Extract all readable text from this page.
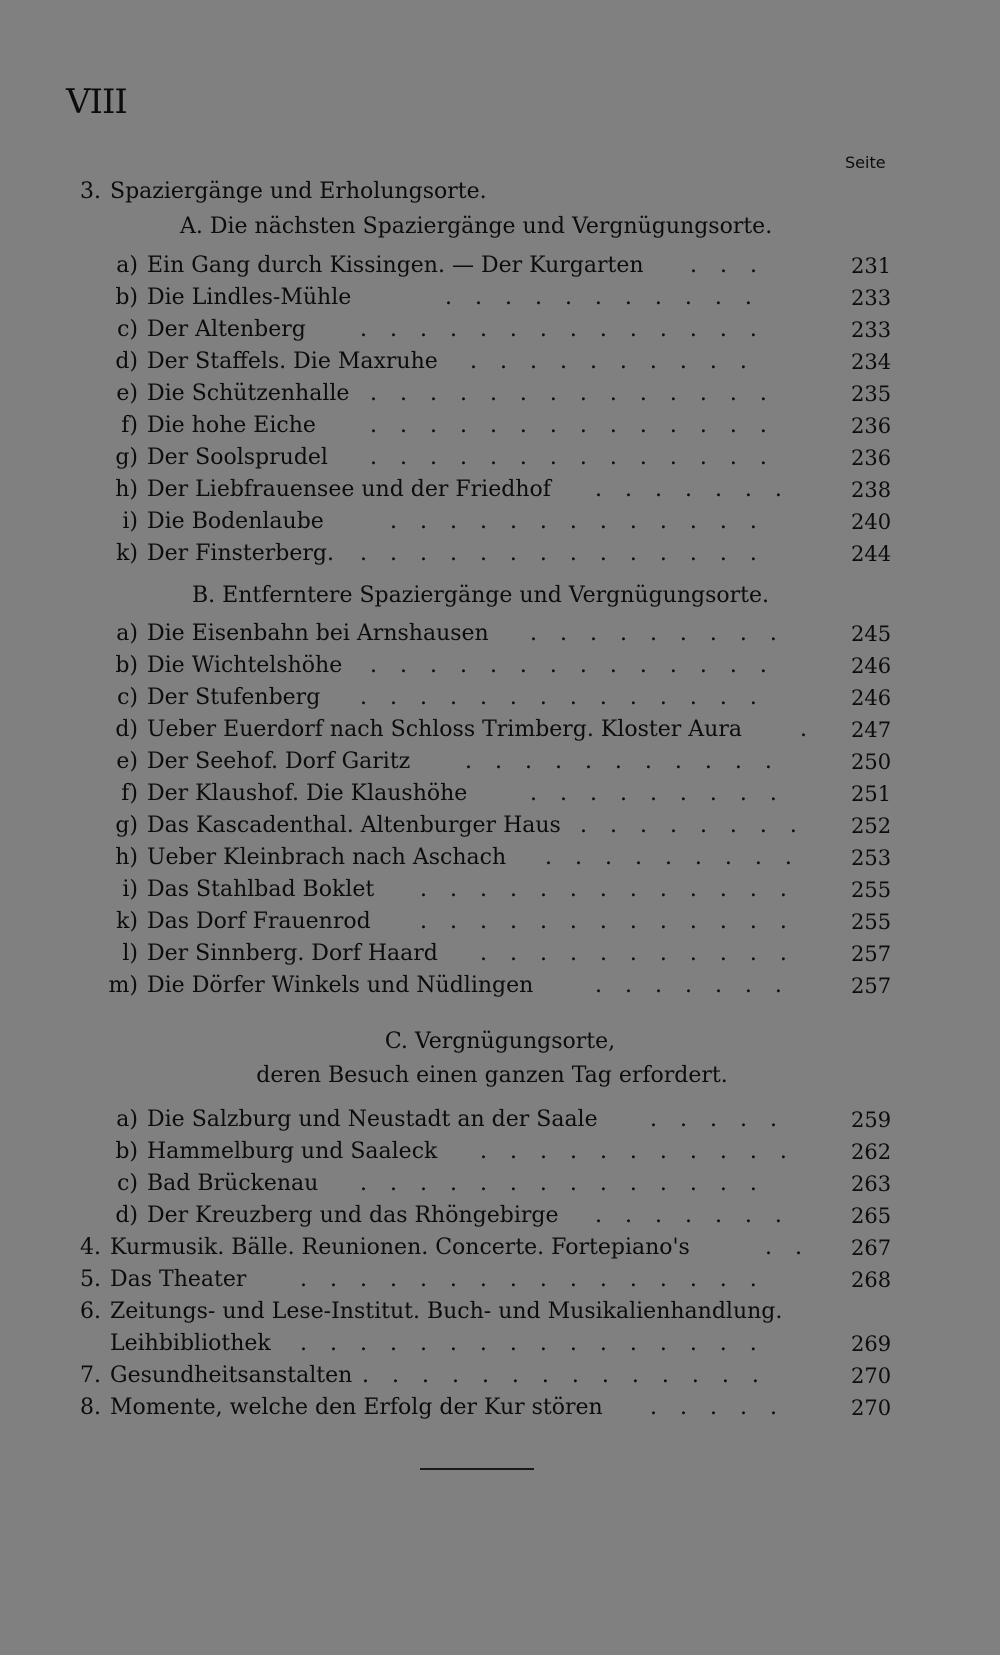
VIII
Seite
3. Spaziergänge und Erholungsorte.
A. Die nächsten Spaziergänge und Vergnügungsorte.
a) Ein Gang durch Kissingen. — Der Kurgarten . . .	231
b) Die Lindles-Mühle	. . . . . . . . . . .	233
c) Der Altenberg . . . . . . . . . . . . . .	233
d) Der Staffels. Die Maxruhe . . . . . . . . . .	234
e) Die Schützenhalle . . . . . . . . . . . . . .	235
f) Die hohe Eiche . . . . . . . . . . . . . .	236
g) Der Soolsprudel . . . . . . . . . . . . . .	236
h) Der Liebfrauensee und der Friedhof . . . . . . .	238
i) Die Bodenlaube	. . . . . . . . . . . . .	240
k) Der Finsterberg. . . . . . . . . . . . . . .	244
B. Entferntere Spaziergänge und Vergnügungsorte.
a) Die Eisenbahn bei Arnshausen . . . . . . . . .	245
b) Die Wichtelshöhe . . . . . . . . . . . . . .	246
c) Der Stufenberg . . . . . . . . . . . . . .	246
d) Ueber Euerdorf nach Schloss Trimberg. Kloster Aura	. 247
e) Der Seehof. Dorf Garitz . . . . . . . . . . .	250
f) Der Klaushof. Die Klaushöhe	. . . . . . . . .	251
g) Das Kascadenthal. Altenburger Haus . . . . . . . . 252
h) Ueber Kleinbrach nach Aschach . . . . . . . . . 253
i) Das Stahlbad Boklet . . . . . . . . . . . . .	255
k) Das Dorf Frauenrod . . . . . . . . . . . . .	255
l) Der Sinnberg. Dorf Haard . . . . . . . . . . .	257
m) Die Dörfer Winkels und Nüdlingen	. . . . . . .	257
C. Vergnügungsorte,
deren Besuch einen ganzen Tag erfordert.
a) Die Salzburg und Neustadt an der Saale . . . . .	259
b) Hammelburg und Saaleck . . . . . . . . . . .	262
c) Bad Brückenau . . . . . . . . . . . . . .	263
d) Der Kreuzberg und das Rhöngebirge . . . . . . .	265
4. Kurmusik. Bälle. Reunionen. Concerte. Fortepiano's	. . 267
5. Das Theater . . . . . . . . . . . . . . . .	268
6. Zeitungs- und Lese-Institut. Buch- und Musikalienhandlung.
Leihbibliothek . . . . . . . . . . . . . . . .	269
7. Gesundheitsanstalten . . . . . . . . . . . . . .	270
8. Momente, welche den Erfolg der Kur stören . . . . .	270
